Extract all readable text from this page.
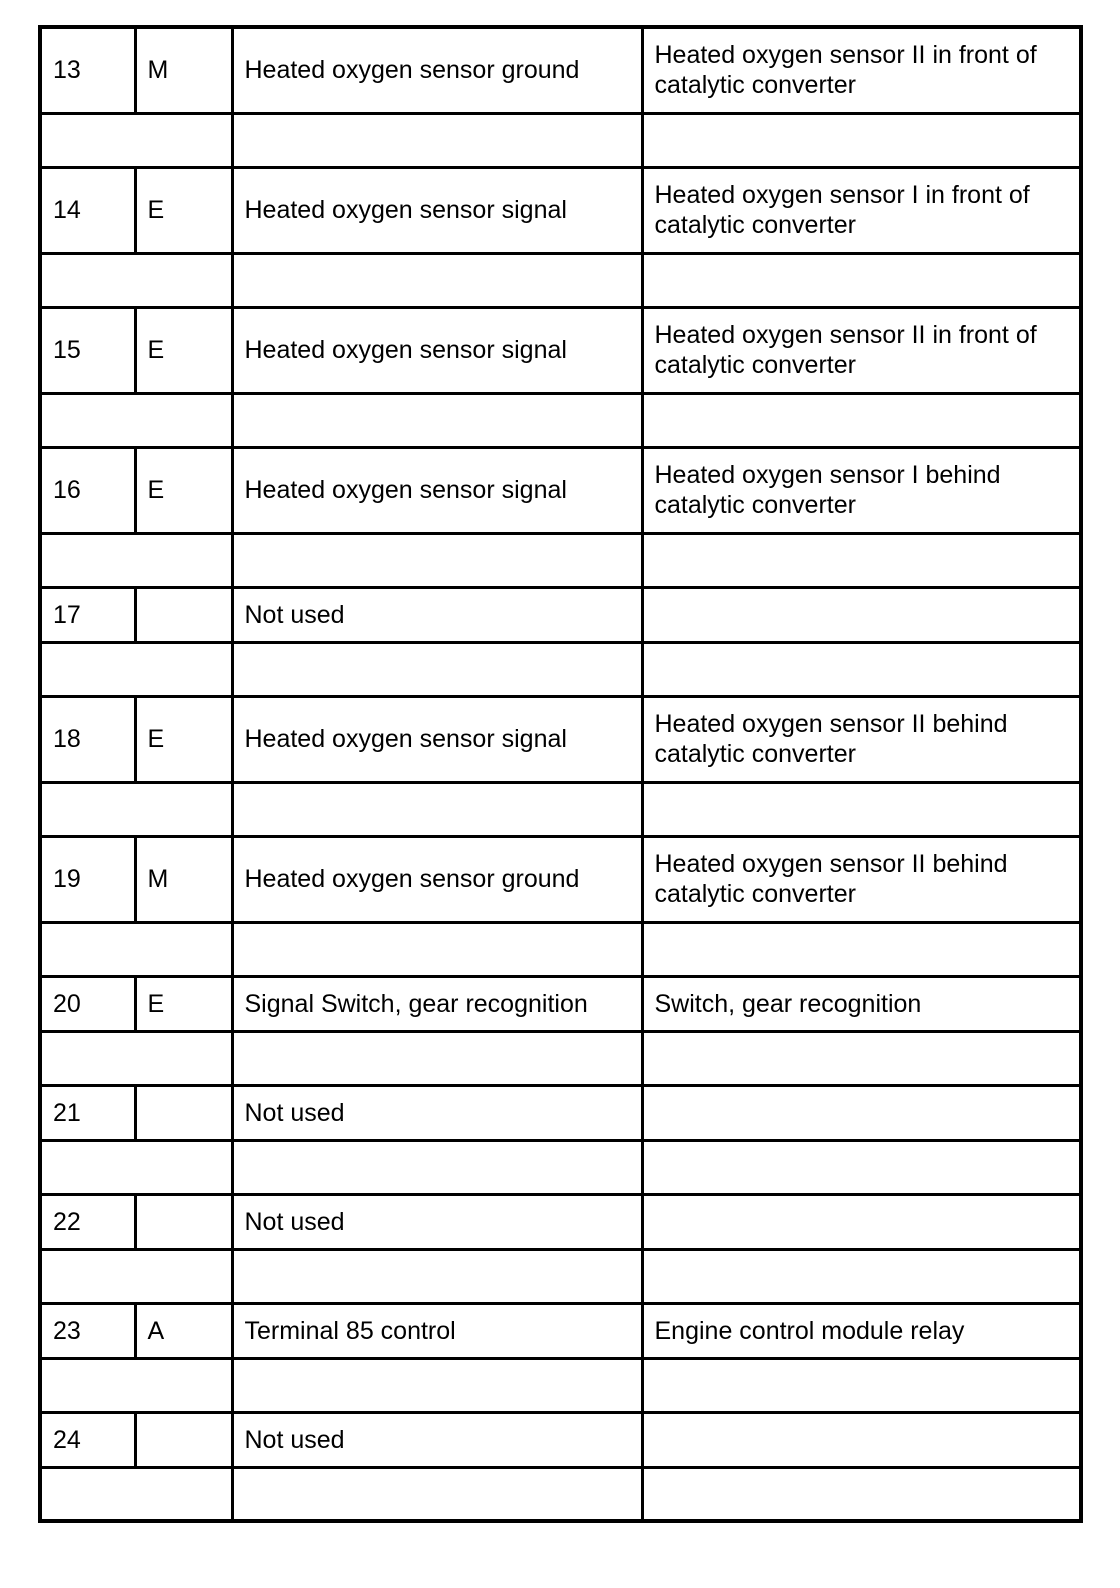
13	M	Heated oxygen sensor ground	Heated oxygen sensor II in front of catalytic converter

14	E	Heated oxygen sensor signal	Heated oxygen sensor I in front of catalytic converter

15	E	Heated oxygen sensor signal	Heated oxygen sensor II in front of catalytic converter

16	E	Heated oxygen sensor signal	Heated oxygen sensor I behind catalytic converter

17		Not used	

18	E	Heated oxygen sensor signal	Heated oxygen sensor II behind catalytic converter

19	M	Heated oxygen sensor ground	Heated oxygen sensor II behind catalytic converter

20	E	Signal Switch, gear recognition	Switch, gear recognition

21		Not used	

22		Not used	

23	A	Terminal 85 control	Engine control module relay

24		Not used	
